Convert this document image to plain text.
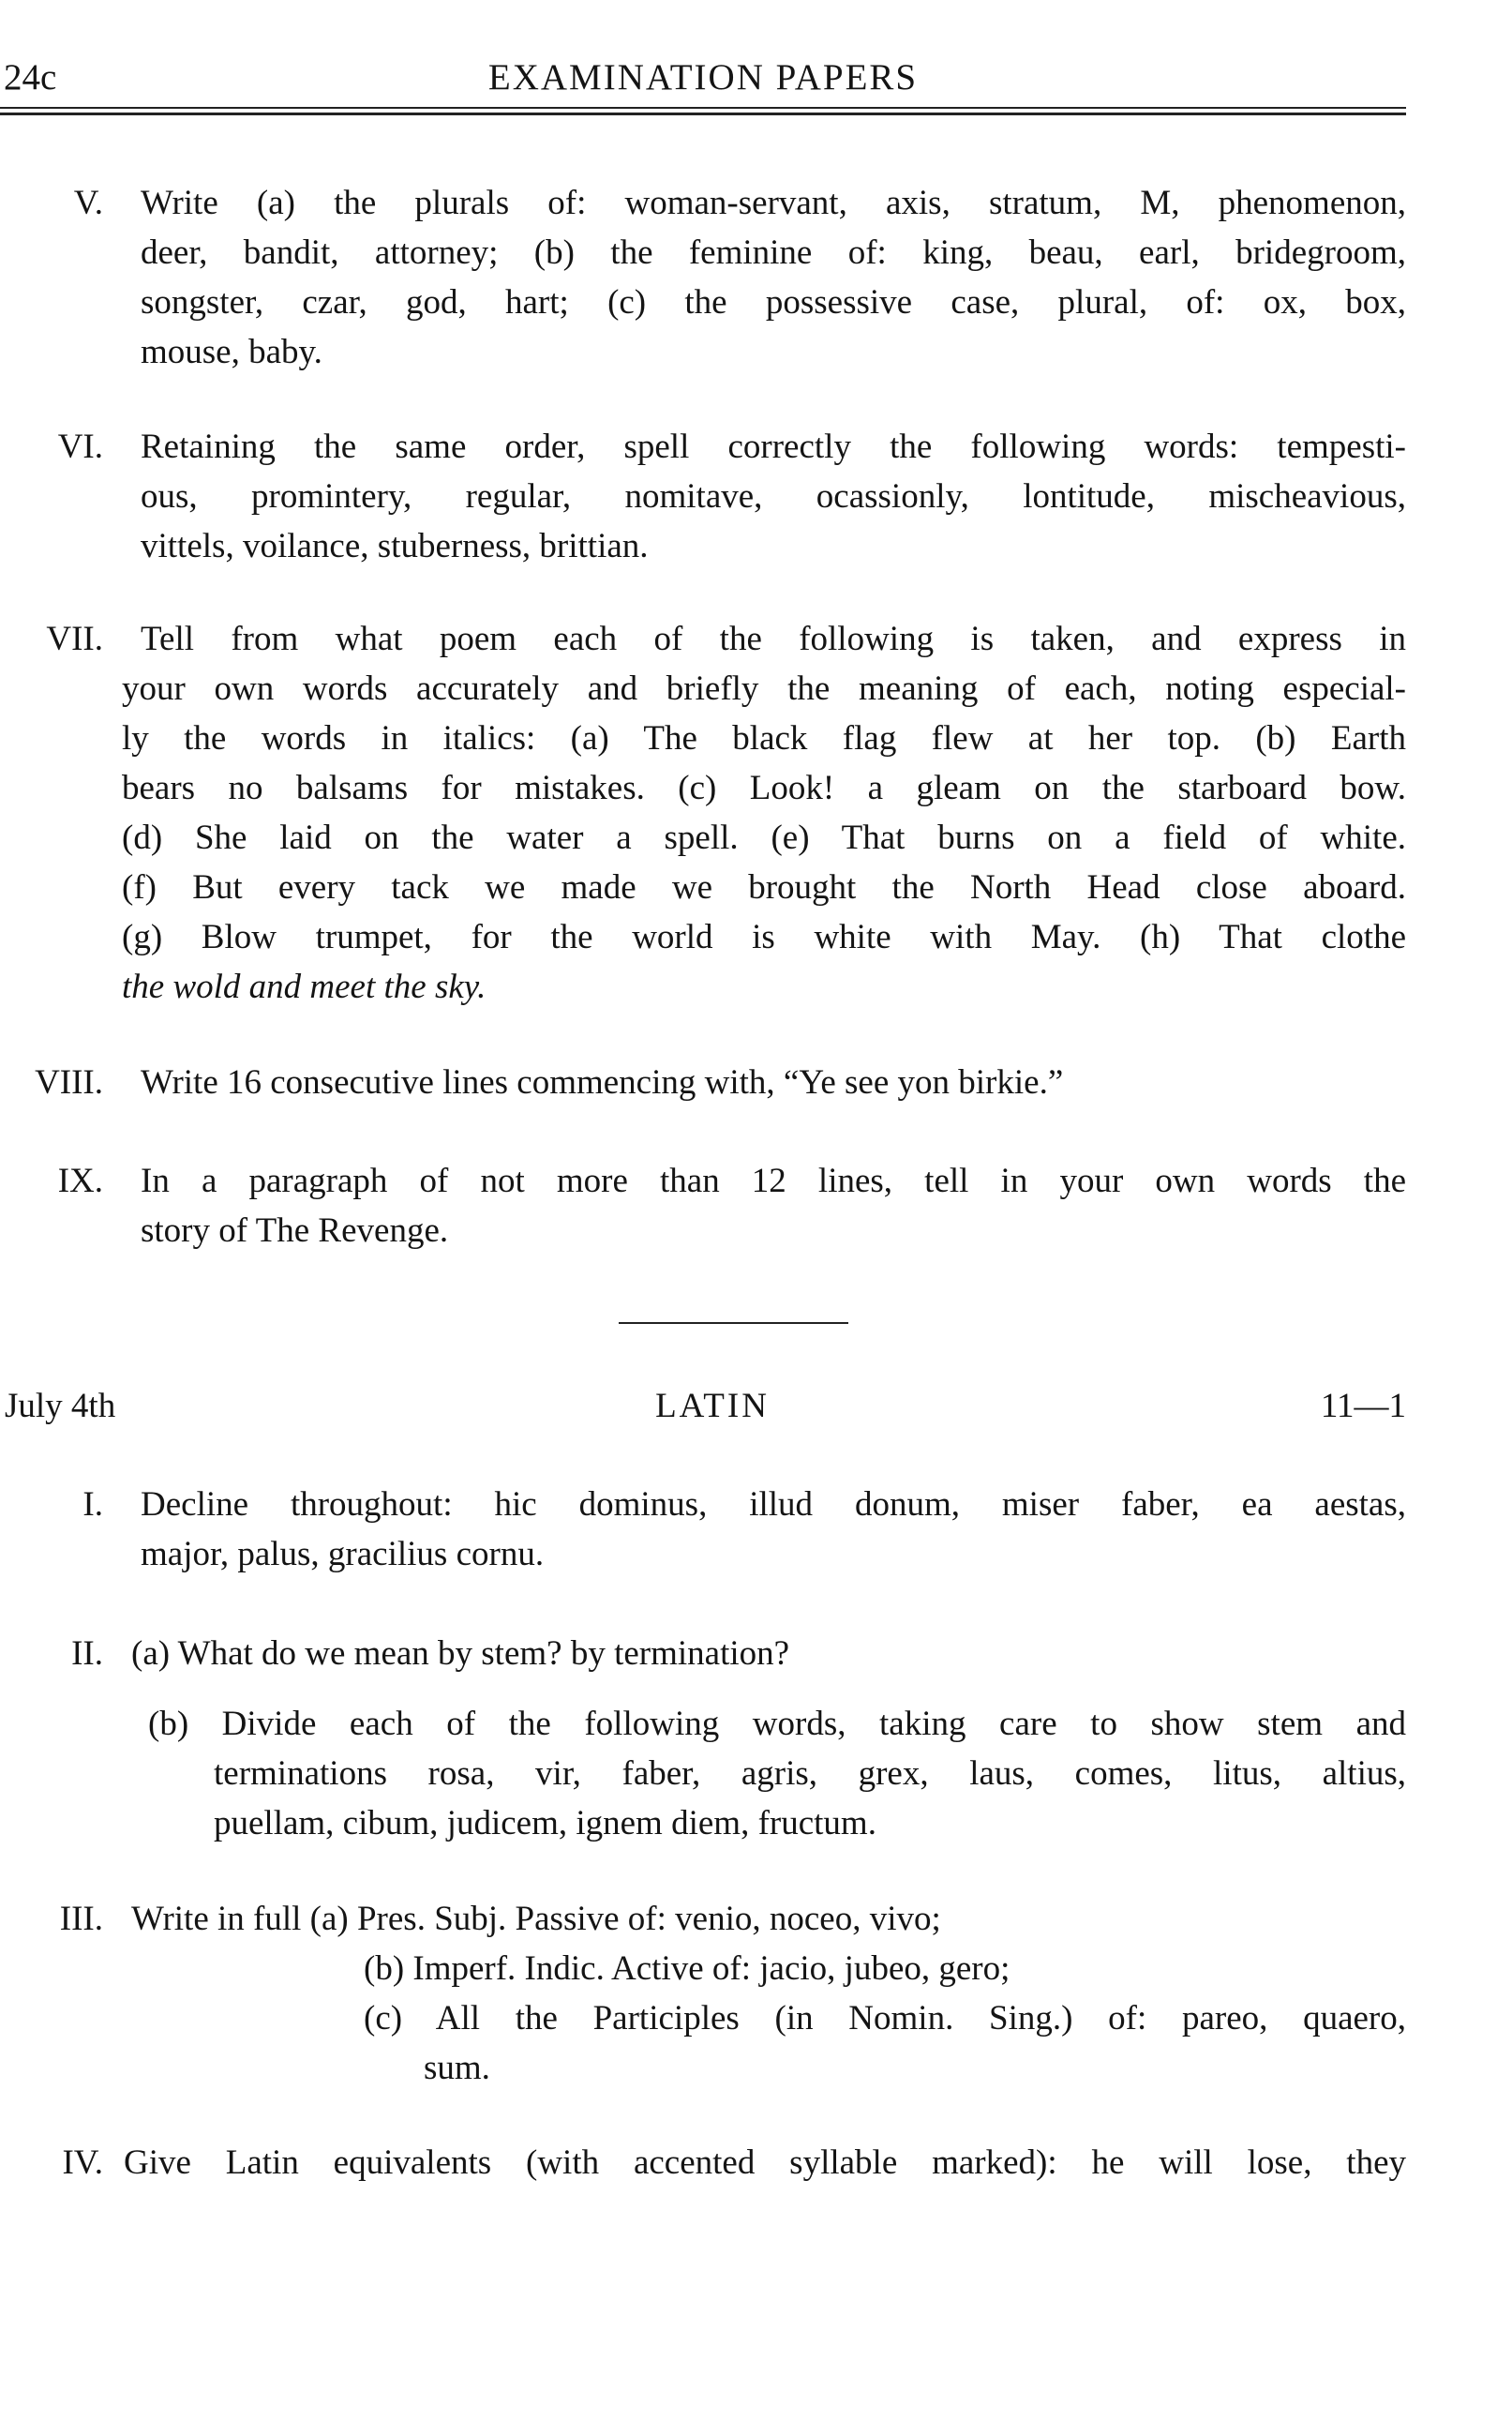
24c	EXAMINATION PAPERS
V. Write (a) the plurals of: woman-servant, axis, stratum, M, phenomenon,
deer, bandit, attorney; (b) the feminine of: king, beau, earl, bridegroom,
songster, czar, god, hart; (c) the possessive case, plural, of: ox, box,
mouse, baby.
VI. Retaining the same order, spell correctly the following words: tempesti-
ous, promintery, regular, nomitave, ocassionly, lontitude, mischeavious,
vittels, voilance, stuberness, brittian.
VII.	Tell from what poem each of the following is taken, and express in
your own words accurately and briefly the meaning of each, noting especial-
ly the words in italics: (a) The black flag flew at her top. (b) Earth
bears no balsams for mistakes. (c) Look! a gleam on the starboard bow.
(d) She laid on the water a spell. (e) That burns on a field of white.
(f) But every tack we made we brought the North Head close aboard.
(g) Blow trumpet, for the world is white with May. (h) That clothe
the wold and meet the sky.
VIII. Write 16 consecutive lines commencing with, “Ye see yon birkie.”
IX. In a paragraph of not more than 12 lines, tell in your own words the
story of The Revenge.
July 4th	LATIN	11—1
I. Decline throughout: hic dominus, illud donum, miser faber, ea aestas,
major, palus, gracilius cornu.
II. (a) What do we mean by stem? by termination?
(b) Divide each of the following words, taking care to show stem and
terminations rosa, vir, faber, agris, grex, laus, comes, litus, altius,
puellam, cibum, judicem, ignem diem, fructum.
III. Write in full (a) Pres. Subj. Passive of: venio, noceo, vivo;
(b) Imperf. Indic. Active of: jacio, jubeo, gero;
(c) All the Participles (in Nomin. Sing.) of: pareo, quaero,
sum.
IV. Give Latin equivalents (with accented syllable marked): he will lose, they
